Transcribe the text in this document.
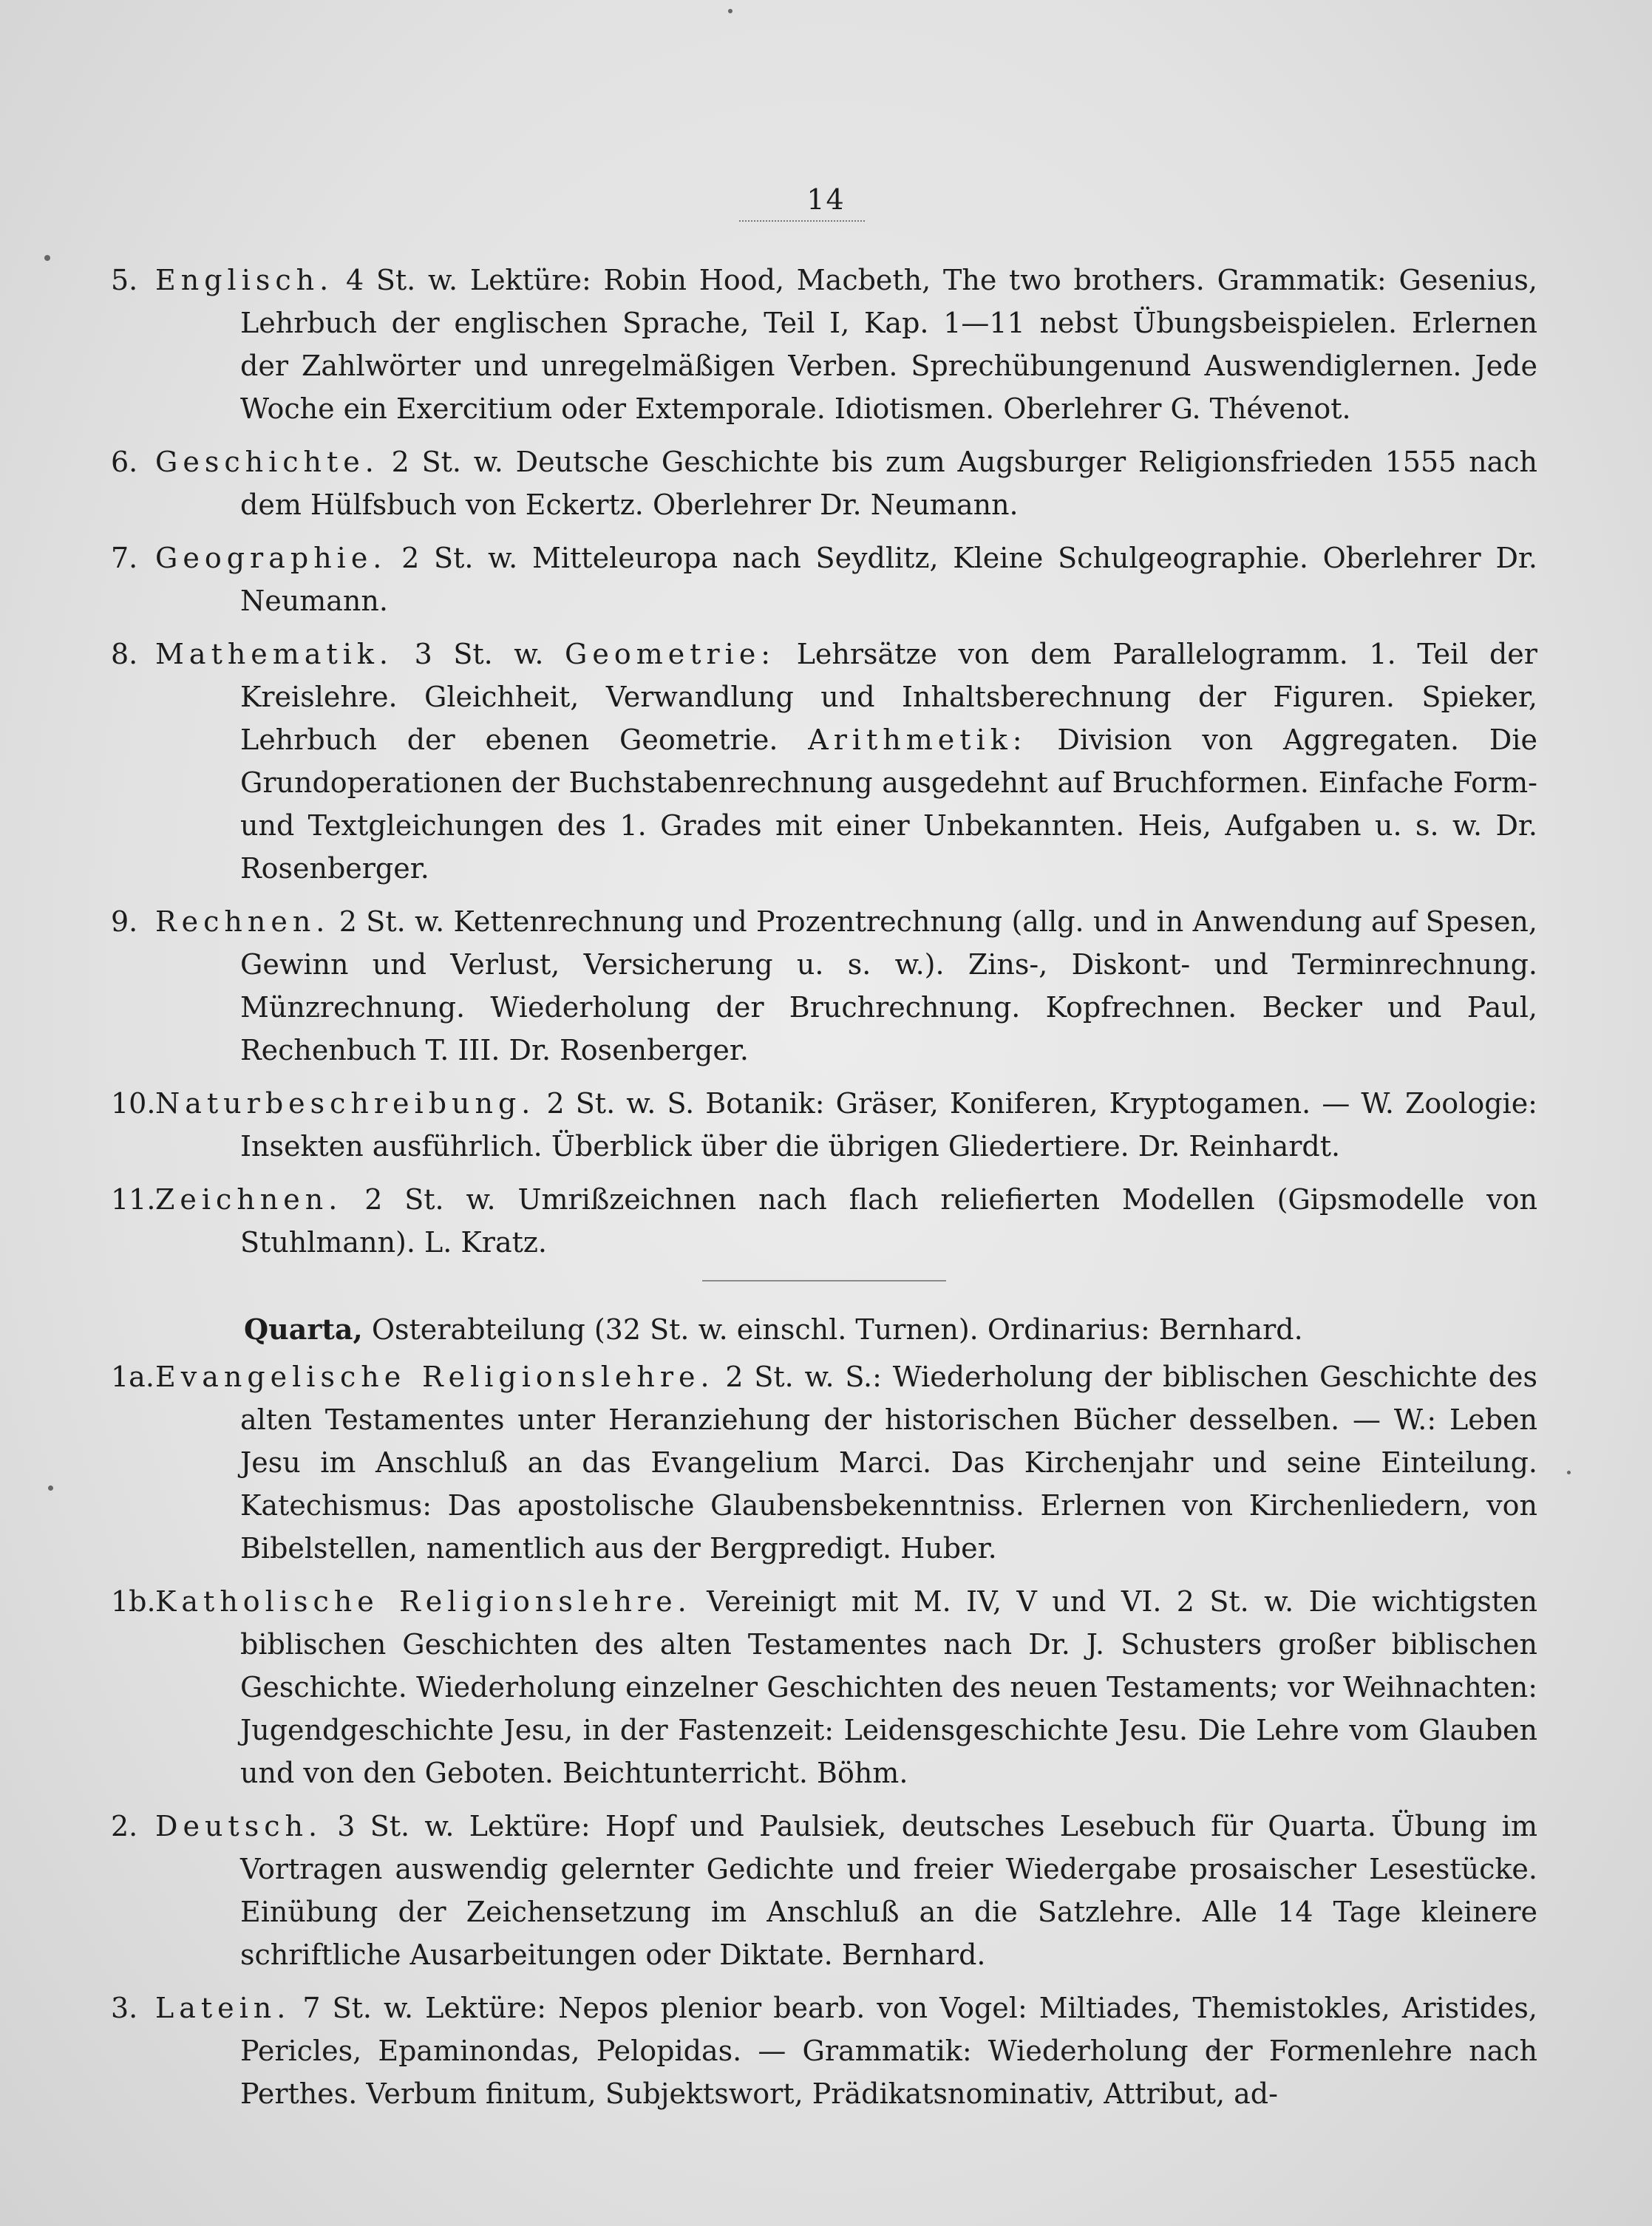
14
5. Englisch. 4 St. w. Lektüre: Robin Hood, Macbeth, The two brothers. Grammatik: Gesenius, Lehrbuch der englischen Sprache, Teil I, Kap. 1—11 nebst Übungsbeispielen. Erlernen der Zahlwörter und unregelmäßigen Verben. Sprechübungenund Auswendiglernen. Jede Woche ein Exercitium oder Extemporale. Idiotismen. Oberlehrer G. Thévenot.
6. Geschichte. 2 St. w. Deutsche Geschichte bis zum Augsburger Religionsfrieden 1555 nach dem Hülfsbuch von Eckertz. Oberlehrer Dr. Neumann.
7. Geographie. 2 St. w. Mitteleuropa nach Seydlitz, Kleine Schulgeographie. Oberlehrer Dr. Neumann.
8. Mathematik. 3 St. w. Geometrie: Lehrsätze von dem Parallelogramm. 1. Teil der Kreislehre. Gleichheit, Verwandlung und Inhaltsberechnung der Figuren. Spieker, Lehrbuch der ebenen Geometrie. Arithmetik: Division von Aggregaten. Die Grundoperationen der Buchstabenrechnung ausgedehnt auf Bruchformen. Einfache Form- und Textgleichungen des 1. Grades mit einer Unbekannten. Heis, Aufgaben u. s. w. Dr. Rosenberger.
9. Rechnen. 2 St. w. Kettenrechnung und Prozentrechnung (allg. und in Anwendung auf Spesen, Gewinn und Verlust, Versicherung u. s. w.). Zins-, Diskont- und Terminrechnung. Münzrechnung. Wiederholung der Bruchrechnung. Kopfrechnen. Becker und Paul, Rechenbuch T. III. Dr. Rosenberger.
10. Naturbeschreibung. 2 St. w. S. Botanik: Gräser, Koniferen, Kryptogamen. — W. Zoologie: Insekten ausführlich. Überblick über die übrigen Gliedertiere. Dr. Reinhardt.
11. Zeichnen. 2 St. w. Umrißzeichnen nach flach reliefierten Modellen (Gipsmodelle von Stuhlmann). L. Kratz.
Quarta, Osterabteilung (32 St. w. einschl. Turnen). Ordinarius: Bernhard.
1a. Evangelische Religionslehre. 2 St. w. S.: Wiederholung der biblischen Geschichte des alten Testamentes unter Heranziehung der historischen Bücher desselben. — W.: Leben Jesu im Anschluß an das Evangelium Marci. Das Kirchenjahr und seine Einteilung. Katechismus: Das apostolische Glaubensbekenntniss. Erlernen von Kirchenliedern, von Bibelstellen, namentlich aus der Bergpredigt. Huber.
1b. Katholische Religionslehre. Vereinigt mit M. IV, V und VI. 2 St. w. Die wichtigsten biblischen Geschichten des alten Testamentes nach Dr. J. Schusters großer biblischen Geschichte. Wiederholung einzelner Geschichten des neuen Testaments; vor Weihnachten: Jugendgeschichte Jesu, in der Fastenzeit: Leidensgeschichte Jesu. Die Lehre vom Glauben und von den Geboten. Beichtunterricht. Böhm.
2. Deutsch. 3 St. w. Lektüre: Hopf und Paulsiek, deutsches Lesebuch für Quarta. Übung im Vortragen auswendig gelernter Gedichte und freier Wiedergabe prosaischer Lesestücke. Einübung der Zeichensetzung im Anschluß an die Satzlehre. Alle 14 Tage kleinere schriftliche Ausarbeitungen oder Diktate. Bernhard.
3. Latein. 7 St. w. Lektüre: Nepos plenior bearb. von Vogel: Miltiades, Themistokles, Aristides, Pericles, Epaminondas, Pelopidas. — Grammatik: Wiederholung der Formenlehre nach Perthes. Verbum finitum, Subjektswort, Prädikatsnominativ, Attribut, ad-
